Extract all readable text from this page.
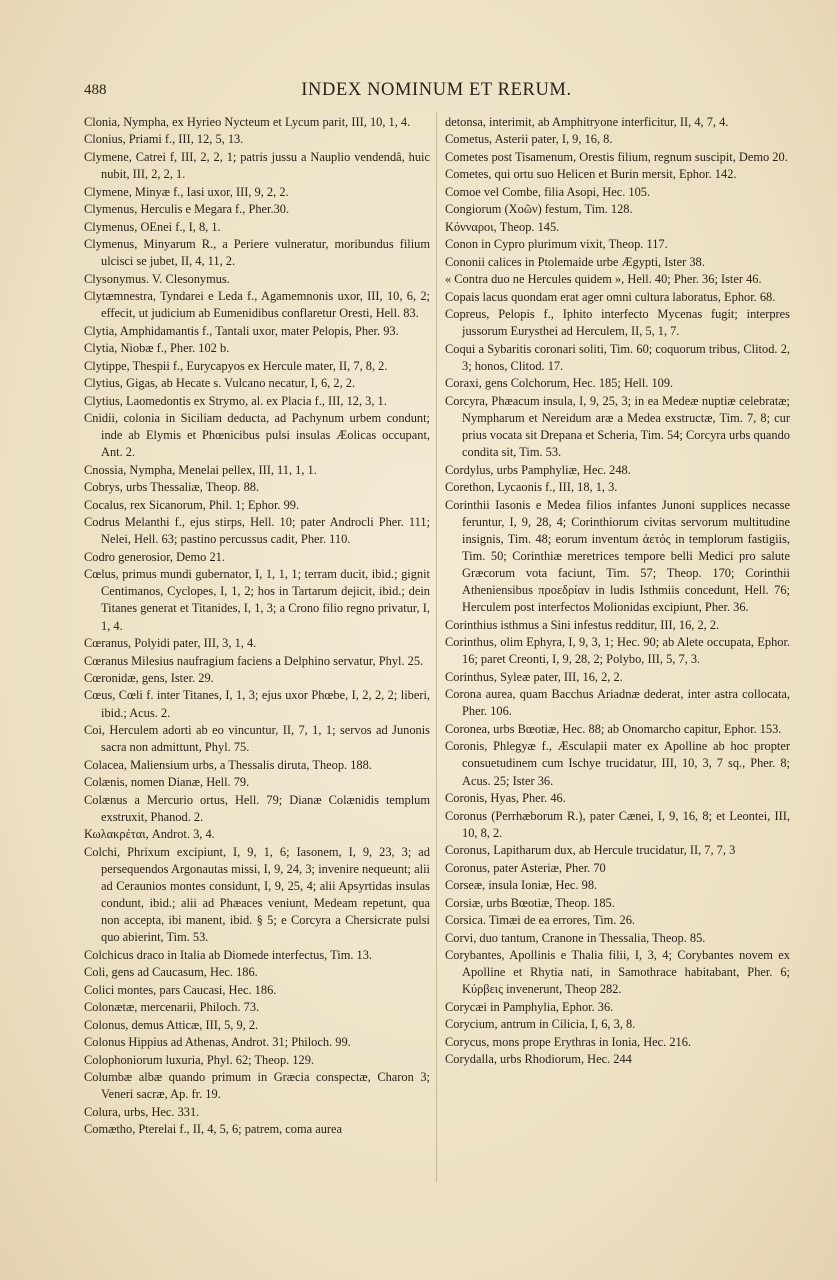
488	INDEX NOMINUM ET RERUM.

Clonia, Nympha, ex Hyrieo Nycteum et Lycum parit, III, 10, 1, 4.

Clonius, Priami f., III, 12, 5, 13.

Clymene, Catrei f, III, 2, 2, 1; patris jussu a Nauplio vendendâ, huic nubit, III, 2, 2, 1.

Clymene, Minyæ f., Iasi uxor, III, 9, 2, 2.

Clymenus, Herculis e Megara f., Pher.30.

Clymenus, OEnei f., I, 8, 1.

Clymenus, Minyarum R., a Periere vulneratur, moribundus filium ulcisci se jubet, II, 4, 11, 2.

Clysonymus. V. Clesonymus.

Clytæmnestra, Tyndarei e Leda f., Agamemnonis uxor, III, 10, 6, 2; effecit, ut judicium ab Eumenidibus conflaretur Oresti, Hell. 83.

Clytia, Amphidamantis f., Tantali uxor, mater Pelopis, Pher. 93.

Clytia, Niobæ f., Pher. 102 b.

Clytippe, Thespii f., Eurycapyos ex Hercule mater, II, 7, 8, 2.

Clytius, Gigas, ab Hecate s. Vulcano necatur, I, 6, 2, 2.

Clytius, Laomedontis ex Strymo, al. ex Placia f., III, 12, 3, 1.

Cnidii, colonia in Siciliam deducta, ad Pachynum urbem condunt; inde ab Elymis et Phœnicibus pulsi insulas Æolicas occupant, Ant. 2.

Cnossia, Nympha, Menelai pellex, III, 11, 1, 1.

Cobrys, urbs Thessaliæ, Theop. 88.

Cocalus, rex Sicanorum, Phil. 1; Ephor. 99.

Codrus Melanthi f., ejus stirps, Hell. 10; pater Androcli Pher. 111; Nelei, Hell. 63; pastino percussus cadit, Pher. 110.

Codro generosior, Demo 21.

Cœlus, primus mundi gubernator, I, 1, 1, 1; terram ducit, ibid.; gignit Centimanos, Cyclopes, I, 1, 2; hos in Tartarum dejicit, ibid.; dein Titanes generat et Titanides, I, 1, 3; a Crono filio regno privatur, I, 1, 4.

Cœranus, Polyidi pater, III, 3, 1, 4.

Cœranus Milesius naufragium faciens a Delphino servatur, Phyl. 25.

Cœronidæ, gens, Ister. 29.

Cœus, Cœli f. inter Titanes, I, 1, 3; ejus uxor Phœbe, I, 2, 2, 2; liberi, ibid.; Acus. 2.

Coi, Herculem adorti ab eo vincuntur, II, 7, 1, 1; servos ad Junonis sacra non admittunt, Phyl. 75.

Colacea, Maliensium urbs, a Thessalis diruta, Theop. 188.

Colænis, nomen Dianæ, Hell. 79.

Colænus a Mercurio ortus, Hell. 79; Dianæ Colænidis templum exstruxit, Phanod. 2.

Κωλακρέται, Androt. 3, 4.

Colchi, Phrixum excipiunt, I, 9, 1, 6; Iasonem, I, 9, 23, 3; ad persequendos Argonautas missi, I, 9, 24, 3; invenire nequeunt; alii ad Ceraunios montes considunt, I, 9, 25, 4; alii Apsyrtidas insulas condunt, ibid.; alii ad Phæaces veniunt, Medeam repetunt, qua non accepta, ibi manent, ibid. § 5; e Corcyra a Chersicrate pulsi quo abierint, Tim. 53.

Colchicus draco in Italia ab Diomede interfectus, Tim. 13.

Coli, gens ad Caucasum, Hec. 186.

Colici montes, pars Caucasi, Hec. 186.

Colonætæ, mercenarii, Philoch. 73.

Colonus, demus Atticæ, III, 5, 9, 2.

Colonus Hippius ad Athenas, Androt. 31; Philoch. 99.

Colophoniorum luxuria, Phyl. 62; Theop. 129.

Columbæ albæ quando primum in Græcia conspectæ, Charon 3; Veneri sacræ, Ap. fr. 19.

Colura, urbs, Hec. 331.

Comætho, Pterelai f., II, 4, 5, 6; patrem, coma aurea

detonsa, interimit, ab Amphitryone interficitur, II, 4, 7, 4.

Cometus, Asterii pater, I, 9, 16, 8.

Cometes post Tisamenum, Orestis filium, regnum suscipit, Demo 20.

Cometes, qui ortu suo Helicen et Burin mersit, Ephor. 142.

Comoe vel Combe, filia Asopi, Hec. 105.

Congiorum (Χοῶν) festum, Tim. 128.

Κόνναροι, Theop. 145.

Conon in Cypro plurimum vixit, Theop. 117.

Cononii calices in Ptolemaide urbe Ægypti, Ister 38.

« Contra duo ne Hercules quidem », Hell. 40; Pher. 36; Ister 46.

Copais lacus quondam erat ager omni cultura laboratus, Ephor. 68.

Copreus, Pelopis f., Iphito interfecto Mycenas fugit; interpres jussorum Eurysthei ad Herculem, II, 5, 1, 7.

Coqui a Sybaritis coronari soliti, Tim. 60; coquorum tribus, Clitod. 2, 3; honos, Clitod. 17.

Coraxi, gens Colchorum, Hec. 185; Hell. 109.

Corcyra, Phæacum insula, I, 9, 25, 3; in ea Medeæ nuptiæ celebratæ; Nympharum et Nereidum aræ a Medea exstructæ, Tim. 7, 8; cur prius vocata sit Drepana et Scheria, Tim. 54; Corcyra urbs quando condita sit, Tim. 53.

Cordylus, urbs Pamphyliæ, Hec. 248.

Corethon, Lycaonis f., III, 18, 1, 3.

Corinthii Iasonis e Medea filios infantes Junoni supplices necasse feruntur, I, 9, 28, 4; Corinthiorum civitas servorum multitudine insignis, Tim. 48; eorum inventum ἀετός in templorum fastigiis, Tim. 50; Corinthiæ meretrices tempore belli Medici pro salute Græcorum vota faciunt, Tim. 57; Theop. 170; Corinthii Atheniensibus προεδρίαν in ludis Isthmiis concedunt, Hell. 76; Herculem post interfectos Molionidas excipiunt, Pher. 36.

Corinthius isthmus a Sini infestus redditur, III, 16, 2, 2.

Corinthus, olim Ephyra, I, 9, 3, 1; Hec. 90; ab Alete occupata, Ephor. 16; paret Creonti, I, 9, 28, 2; Polybo, III, 5, 7, 3.

Corinthus, Syleæ pater, III, 16, 2, 2.

Corona aurea, quam Bacchus Ariadnæ dederat, inter astra collocata, Pher. 106.

Coronea, urbs Bœotiæ, Hec. 88; ab Onomarcho capitur, Ephor. 153.

Coronis, Phlegyæ f., Æsculapii mater ex Apolline ab hoc propter consuetudinem cum Ischye trucidatur, III, 10, 3, 7 sq., Pher. 8; Acus. 25; Ister 36.

Coronis, Hyas, Pher. 46.

Coronus (Perrhæborum R.), pater Cænei, I, 9, 16, 8; et Leontei, III, 10, 8, 2.

Coronus, Lapitharum dux, ab Hercule trucidatur, II, 7, 7, 3

Coronus, pater Asteriæ, Pher. 70

Corseæ, insula Ioniæ, Hec. 98.

Corsiæ, urbs Bœotiæ, Theop. 185.

Corsica. Timæi de ea errores, Tim. 26.

Corvi, duo tantum, Cranone in Thessalia, Theop. 85.

Corybantes, Apollinis e Thalia filii, I, 3, 4; Corybantes novem ex Apolline et Rhytia nati, in Samothrace habitabant, Pher. 6; Κύρβεις invenerunt, Theop 282.

Corycæi in Pamphylia, Ephor. 36.

Corycium, antrum in Cilicia, I, 6, 3, 8.

Corycus, mons prope Erythras in Ionia, Hec. 216.

Corydalla, urbs Rhodiorum, Hec. 244
